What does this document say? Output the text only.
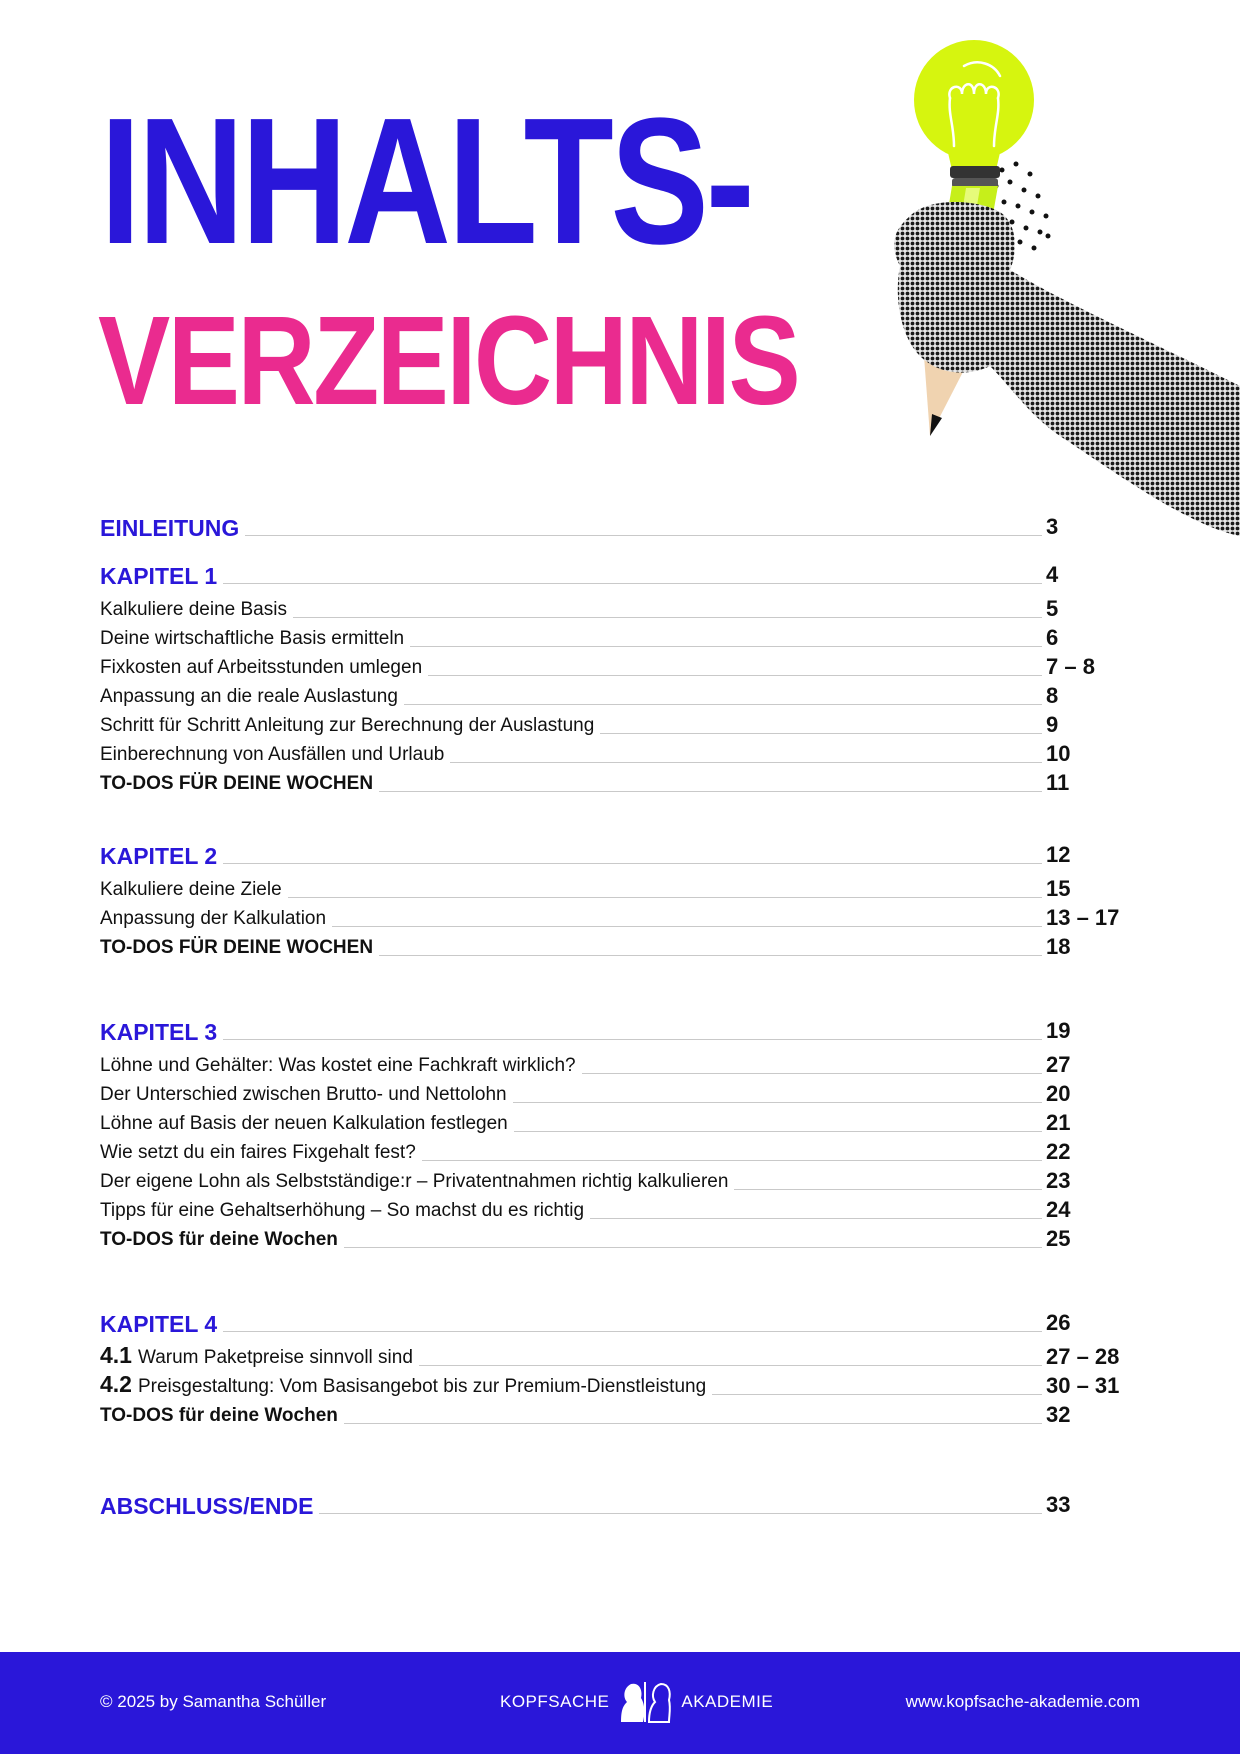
INHALTS-
VERZEICHNIS
EINLEITUNG	3
KAPITEL 1	4
Kalkuliere deine Basis	5
Deine wirtschaftliche Basis ermitteln	6
Fixkosten auf Arbeitsstunden umlegen	7 – 8
Anpassung an die reale Auslastung	8
Schritt für Schritt Anleitung zur Berechnung der Auslastung	9
Einberechnung von Ausfällen und Urlaub	10
TO-DOS FÜR DEINE WOCHEN	11
KAPITEL 2	12
Kalkuliere deine Ziele	15
Anpassung der Kalkulation	13 – 17
TO-DOS FÜR DEINE WOCHEN	18
KAPITEL 3	19
Löhne und Gehälter: Was kostet eine Fachkraft wirklich?	27
Der Unterschied zwischen Brutto- und Nettolohn	20
Löhne auf Basis der neuen Kalkulation festlegen	21
Wie setzt du ein faires Fixgehalt fest?	22
Der eigene Lohn als Selbstständige:r – Privatentnahmen richtig kalkulieren	23
Tipps für eine Gehaltserhöhung – So machst du es richtig	24
TO-DOS für deine Wochen	25
KAPITEL 4	26
4.1 Warum Paketpreise sinnvoll sind	27 – 28
4.2 Preisgestaltung: Vom Basisangebot bis zur Premium-Dienstleistung	30 – 31
TO-DOS für deine Wochen	32
ABSCHLUSS/ENDE	33
© 2025 by Samantha Schüller	KOPFSACHE	AKADEMIE	www.kopfsache-akademie.com
